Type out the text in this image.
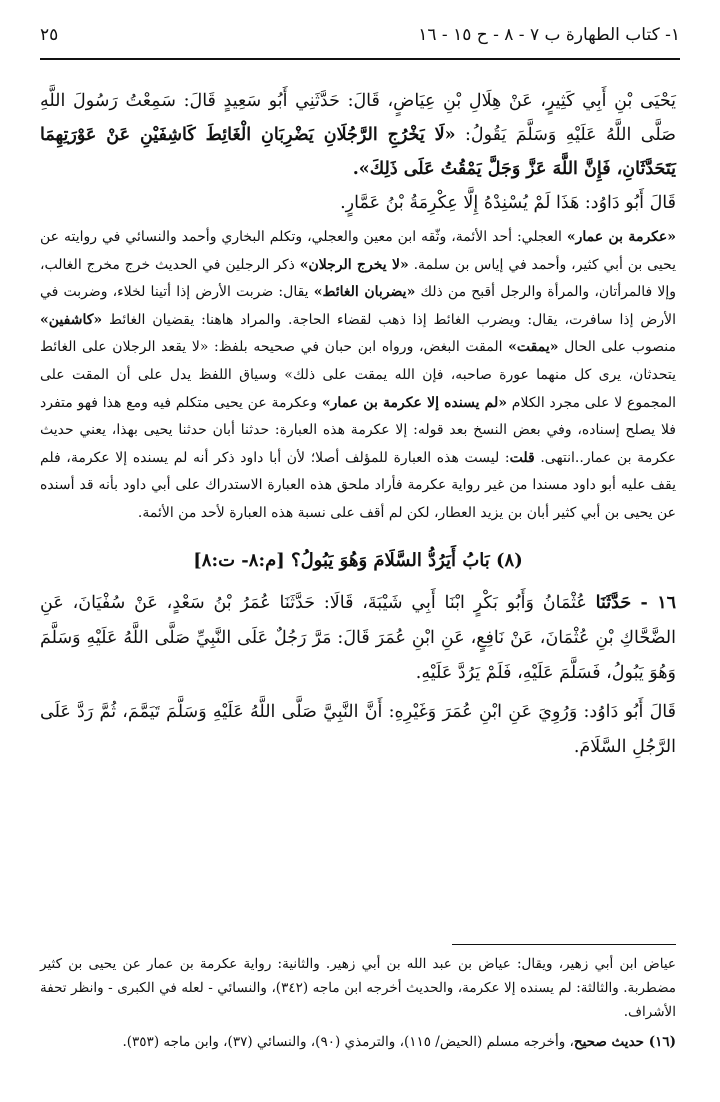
١- كتاب الطهارة ب ٧ - ٨ - ح ١٥ - ١٦
٢٥

يَحْيَى بْنِ أَبِي كَثِيرٍ، عَنْ هِلَالِ بْنِ عِيَاضٍ، قَالَ: حَدَّثَنِي أَبُو سَعِيدٍ قَالَ: سَمِعْتُ رَسُولَ اللَّهِ صَلَّى اللَّهُ عَلَيْهِ وَسَلَّمَ يَقُولُ: «لَا يَخْرُجِ الرَّجُلَانِ يَضْرِبَانِ الْغَائِطَ كَاشِفَيْنِ عَنْ عَوْرَتِهِمَا يَتَحَدَّثَانِ، فَإِنَّ اللَّهَ عَزَّ وَجَلَّ يَمْقُتُ عَلَى ذَلِكَ».

قَالَ أَبُو دَاوُد: هَذَا لَمْ يُسْنِدْهُ إِلَّا عِكْرِمَةُ بْنُ عَمَّارٍ.

«عكرمة بن عمار» العجلي: أحد الأئمة، وثّقه ابن معين والعجلي، وتكلم البخاري وأحمد والنسائي في روايته عن يحيى بن أبي كثير، وأحمد في إياس بن سلمة. «لا يخرج الرجلان» ذكر الرجلين في الحديث خرج مخرج الغالب، وإلا فالمرأتان، والمرأة والرجل أقبح من ذلك «يضربان الغائط» يقال: ضربت الأرض إذا أتينا لخلاء، وضربت في الأرض إذا سافرت، يقال: ويضرب الغائط إذا ذهب لقضاء الحاجة. والمراد هاهنا: يقضيان الغائط «كاشفين» منصوب على الحال «يمقت» المقت البغض، ورواه ابن حبان في صحيحه بلفظ: «لا يقعد الرجلان على الغائط يتحدثان، يرى كل منهما عورة صاحبه، فإن الله يمقت على ذلك» وسياق اللفظ يدل على أن المقت على المجموع لا على مجرد الكلام «لم يسنده إلا عكرمة بن عمار» وعكرمة عن يحيى متكلم فيه ومع هذا فهو متفرد فلا يصلح إسناده، وفي بعض النسخ بعد قوله: إلا عكرمة هذه العبارة: حدثنا أبان حدثنا يحيى بهذا، يعني حديث عكرمة بن عمار..انتهى. قلت: ليست هذه العبارة للمؤلف أصلا؛ لأن أبا داود ذكر أنه لم يسنده إلا عكرمة، فلم يقف عليه أبو داود مسندا من غير رواية عكرمة فأراد ملحق هذه العبارة الاستدراك على أبي داود بأنه قد أسنده عن يحيى بن أبي كثير أبان بن يزيد العطار، لكن لم أقف على نسبة هذه العبارة لأحد من الأئمة.

(٨) بَابُ أَيَرُدُّ السَّلَامَ وَهُوَ يَبُولُ؟ [م:٨- ت:٨]

١٦ - حَدَّثَنَا عُثْمَانُ وَأَبُو بَكْرٍ ابْنَا أَبِي شَيْبَةَ، قَالَا: حَدَّثَنَا عُمَرُ بْنُ سَعْدٍ، عَنْ سُفْيَانَ، عَنِ الضَّحَّاكِ بْنِ عُثْمَانَ، عَنْ نَافِعٍ، عَنِ ابْنِ عُمَرَ قَالَ: مَرَّ رَجُلٌ عَلَى النَّبِيِّ صَلَّى اللَّهُ عَلَيْهِ وَسَلَّمَ وَهُوَ يَبُولُ، فَسَلَّمَ عَلَيْهِ، فَلَمْ يَرُدَّ عَلَيْهِ.

قَالَ أَبُو دَاوُد: وَرُوِيَ عَنِ ابْنِ عُمَرَ وَغَيْرِهِ: أَنَّ النَّبِيَّ صَلَّى اللَّهُ عَلَيْهِ وَسَلَّمَ تَيَمَّمَ، ثُمَّ رَدَّ عَلَى الرَّجُلِ السَّلَامَ.

عياض ابن أبي زهير، ويقال: عياض بن عبد الله بن أبي زهير. والثانية: رواية عكرمة بن عمار عن يحيى بن كثير مضطربة. والثالثة: لم يسنده إلا عكرمة، والحديث أخرجه ابن ماجه (٣٤٢)، والنسائي - لعله في الكبرى - وانظر تحفة الأشراف.

(١٦) حديث صحيح، وأخرجه مسلم (الحيض/ ١١٥)، والترمذي (٩٠)، والنسائي (٣٧)، وابن ماجه (٣٥٣).
